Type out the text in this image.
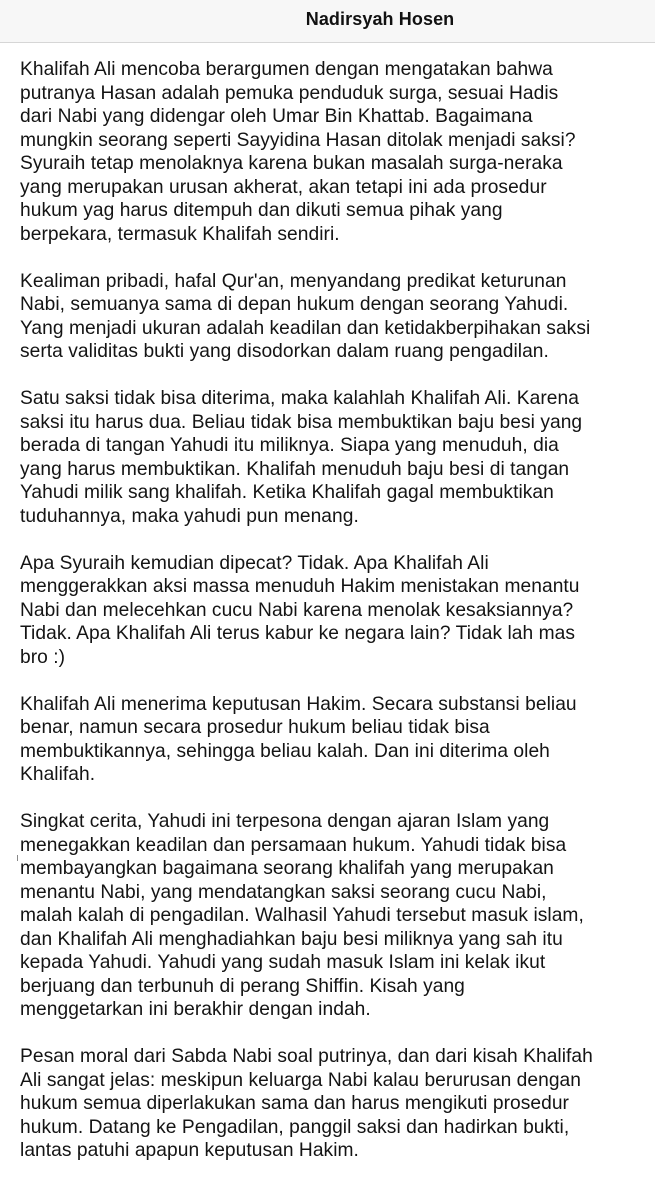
Nadirsyah Hosen
Khalifah Ali mencoba berargumen dengan mengatakan bahwa
putranya Hasan adalah pemuka penduduk surga, sesuai Hadis
dari Nabi yang didengar oleh Umar Bin Khattab. Bagaimana
mungkin seorang seperti Sayyidina Hasan ditolak menjadi saksi?
Syuraih tetap menolaknya karena bukan masalah surga-neraka
yang merupakan urusan akherat, akan tetapi ini ada prosedur
hukum yag harus ditempuh dan dikuti semua pihak yang
berpekara, termasuk Khalifah sendiri.
Kealiman pribadi, hafal Qur'an, menyandang predikat keturunan
Nabi, semuanya sama di depan hukum dengan seorang Yahudi.
Yang menjadi ukuran adalah keadilan dan ketidakberpihakan saksi
serta validitas bukti yang disodorkan dalam ruang pengadilan.
Satu saksi tidak bisa diterima, maka kalahlah Khalifah Ali. Karena
saksi itu harus dua. Beliau tidak bisa membuktikan baju besi yang
berada di tangan Yahudi itu miliknya. Siapa yang menuduh, dia
yang harus membuktikan. Khalifah menuduh baju besi di tangan
Yahudi milik sang khalifah. Ketika Khalifah gagal membuktikan
tuduhannya, maka yahudi pun menang.
Apa Syuraih kemudian dipecat? Tidak. Apa Khalifah Ali
menggerakkan aksi massa menuduh Hakim menistakan menantu
Nabi dan melecehkan cucu Nabi karena menolak kesaksiannya?
Tidak. Apa Khalifah Ali terus kabur ke negara lain? Tidak lah mas
bro :)
Khalifah Ali menerima keputusan Hakim. Secara substansi beliau
benar, namun secara prosedur hukum beliau tidak bisa
membuktikannya, sehingga beliau kalah. Dan ini diterima oleh
Khalifah.
Singkat cerita, Yahudi ini terpesona dengan ajaran Islam yang
menegakkan keadilan dan persamaan hukum. Yahudi tidak bisa
membayangkan bagaimana seorang khalifah yang merupakan
menantu Nabi, yang mendatangkan saksi seorang cucu Nabi,
malah kalah di pengadilan. Walhasil Yahudi tersebut masuk islam,
dan Khalifah Ali menghadiahkan baju besi miliknya yang sah itu
kepada Yahudi. Yahudi yang sudah masuk Islam ini kelak ikut
berjuang dan terbunuh di perang Shiffin. Kisah yang
menggetarkan ini berakhir dengan indah.
Pesan moral dari Sabda Nabi soal putrinya, dan dari kisah Khalifah
Ali sangat jelas: meskipun keluarga Nabi kalau berurusan dengan
hukum semua diperlakukan sama dan harus mengikuti prosedur
hukum. Datang ke Pengadilan, panggil saksi dan hadirkan bukti,
lantas patuhi apapun keputusan Hakim.
